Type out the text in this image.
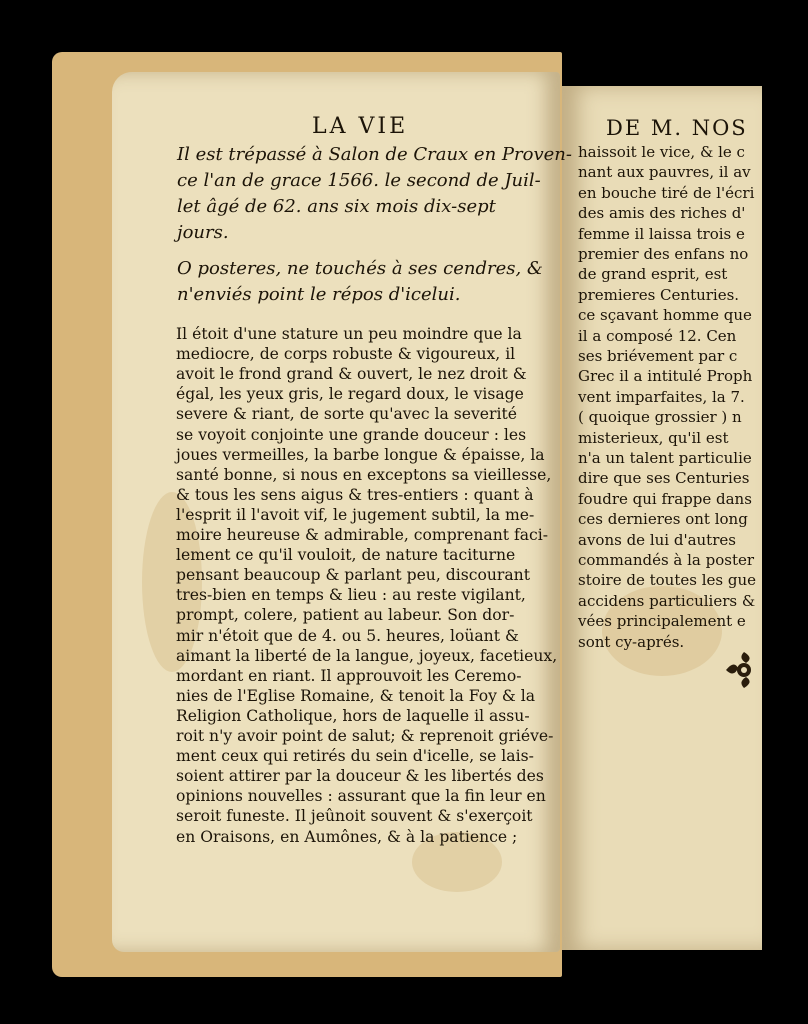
LA VIE
Il est trépassé à Salon de Craux en Proven-
ce l'an de grace 1566. le second de Juil-
let âgé de 62. ans six mois dix-sept
jours.
O posteres, ne touchés à ses cendres, &
n'enviés point le répos d'icelui.
Il étoit d'une stature un peu moindre que la
mediocre, de corps robuste & vigoureux, il
avoit le frond grand & ouvert, le nez droit &
égal, les yeux gris, le regard doux, le visage
severe & riant, de sorte qu'avec la severité
se voyoit conjointe une grande douceur : les
joues vermeilles, la barbe longue & épaisse, la
santé bonne, si nous en exceptons sa vieillesse,
& tous les sens aigus & tres-entiers : quant à
l'esprit il l'avoit vif, le jugement subtil, la me-
moire heureuse & admirable, comprenant faci-
lement ce qu'il vouloit, de nature taciturne
pensant beaucoup & parlant peu, discourant
tres-bien en temps & lieu : au reste vigilant,
prompt, colere, patient au labeur. Son dor-
mir n'étoit que de 4. ou 5. heures, loüant &
aimant la liberté de la langue, joyeux, facetieux,
mordant en riant. Il approuvoit les Ceremo-
nies de l'Eglise Romaine, & tenoit la Foy & la
Religion Catholique, hors de laquelle il assu-
roit n'y avoir point de salut; & reprenoit griéve-
ment ceux qui retirés du sein d'icelle, se lais-
soient attirer par la douceur & les libertés des
opinions nouvelles : assurant que la fin leur en
seroit funeste. Il jeûnoit souvent & s'exerçoit
en Oraisons, en Aumônes, & à la patience ;
DE M. NOS
haissoit le vice, & le c
nant aux pauvres, il av
en bouche tiré de l'écri
des amis des riches d'
femme il laissa trois e
premier des enfans no
de grand esprit, est
premieres Centuries.
ce sçavant homme que
il a composé 12. Cen
ses briévement par c
Grec il a intitulé Proph
vent imparfaites, la 7.
( quoique grossier ) n
misterieux, qu'il est
n'a un talent particulie
dire que ses Centuries
foudre qui frappe dans
ces dernieres ont long
avons de lui d'autres
commandés à la poster
stoire de toutes les gue
accidens particuliers &
vées principalement e
sont cy-aprés.
